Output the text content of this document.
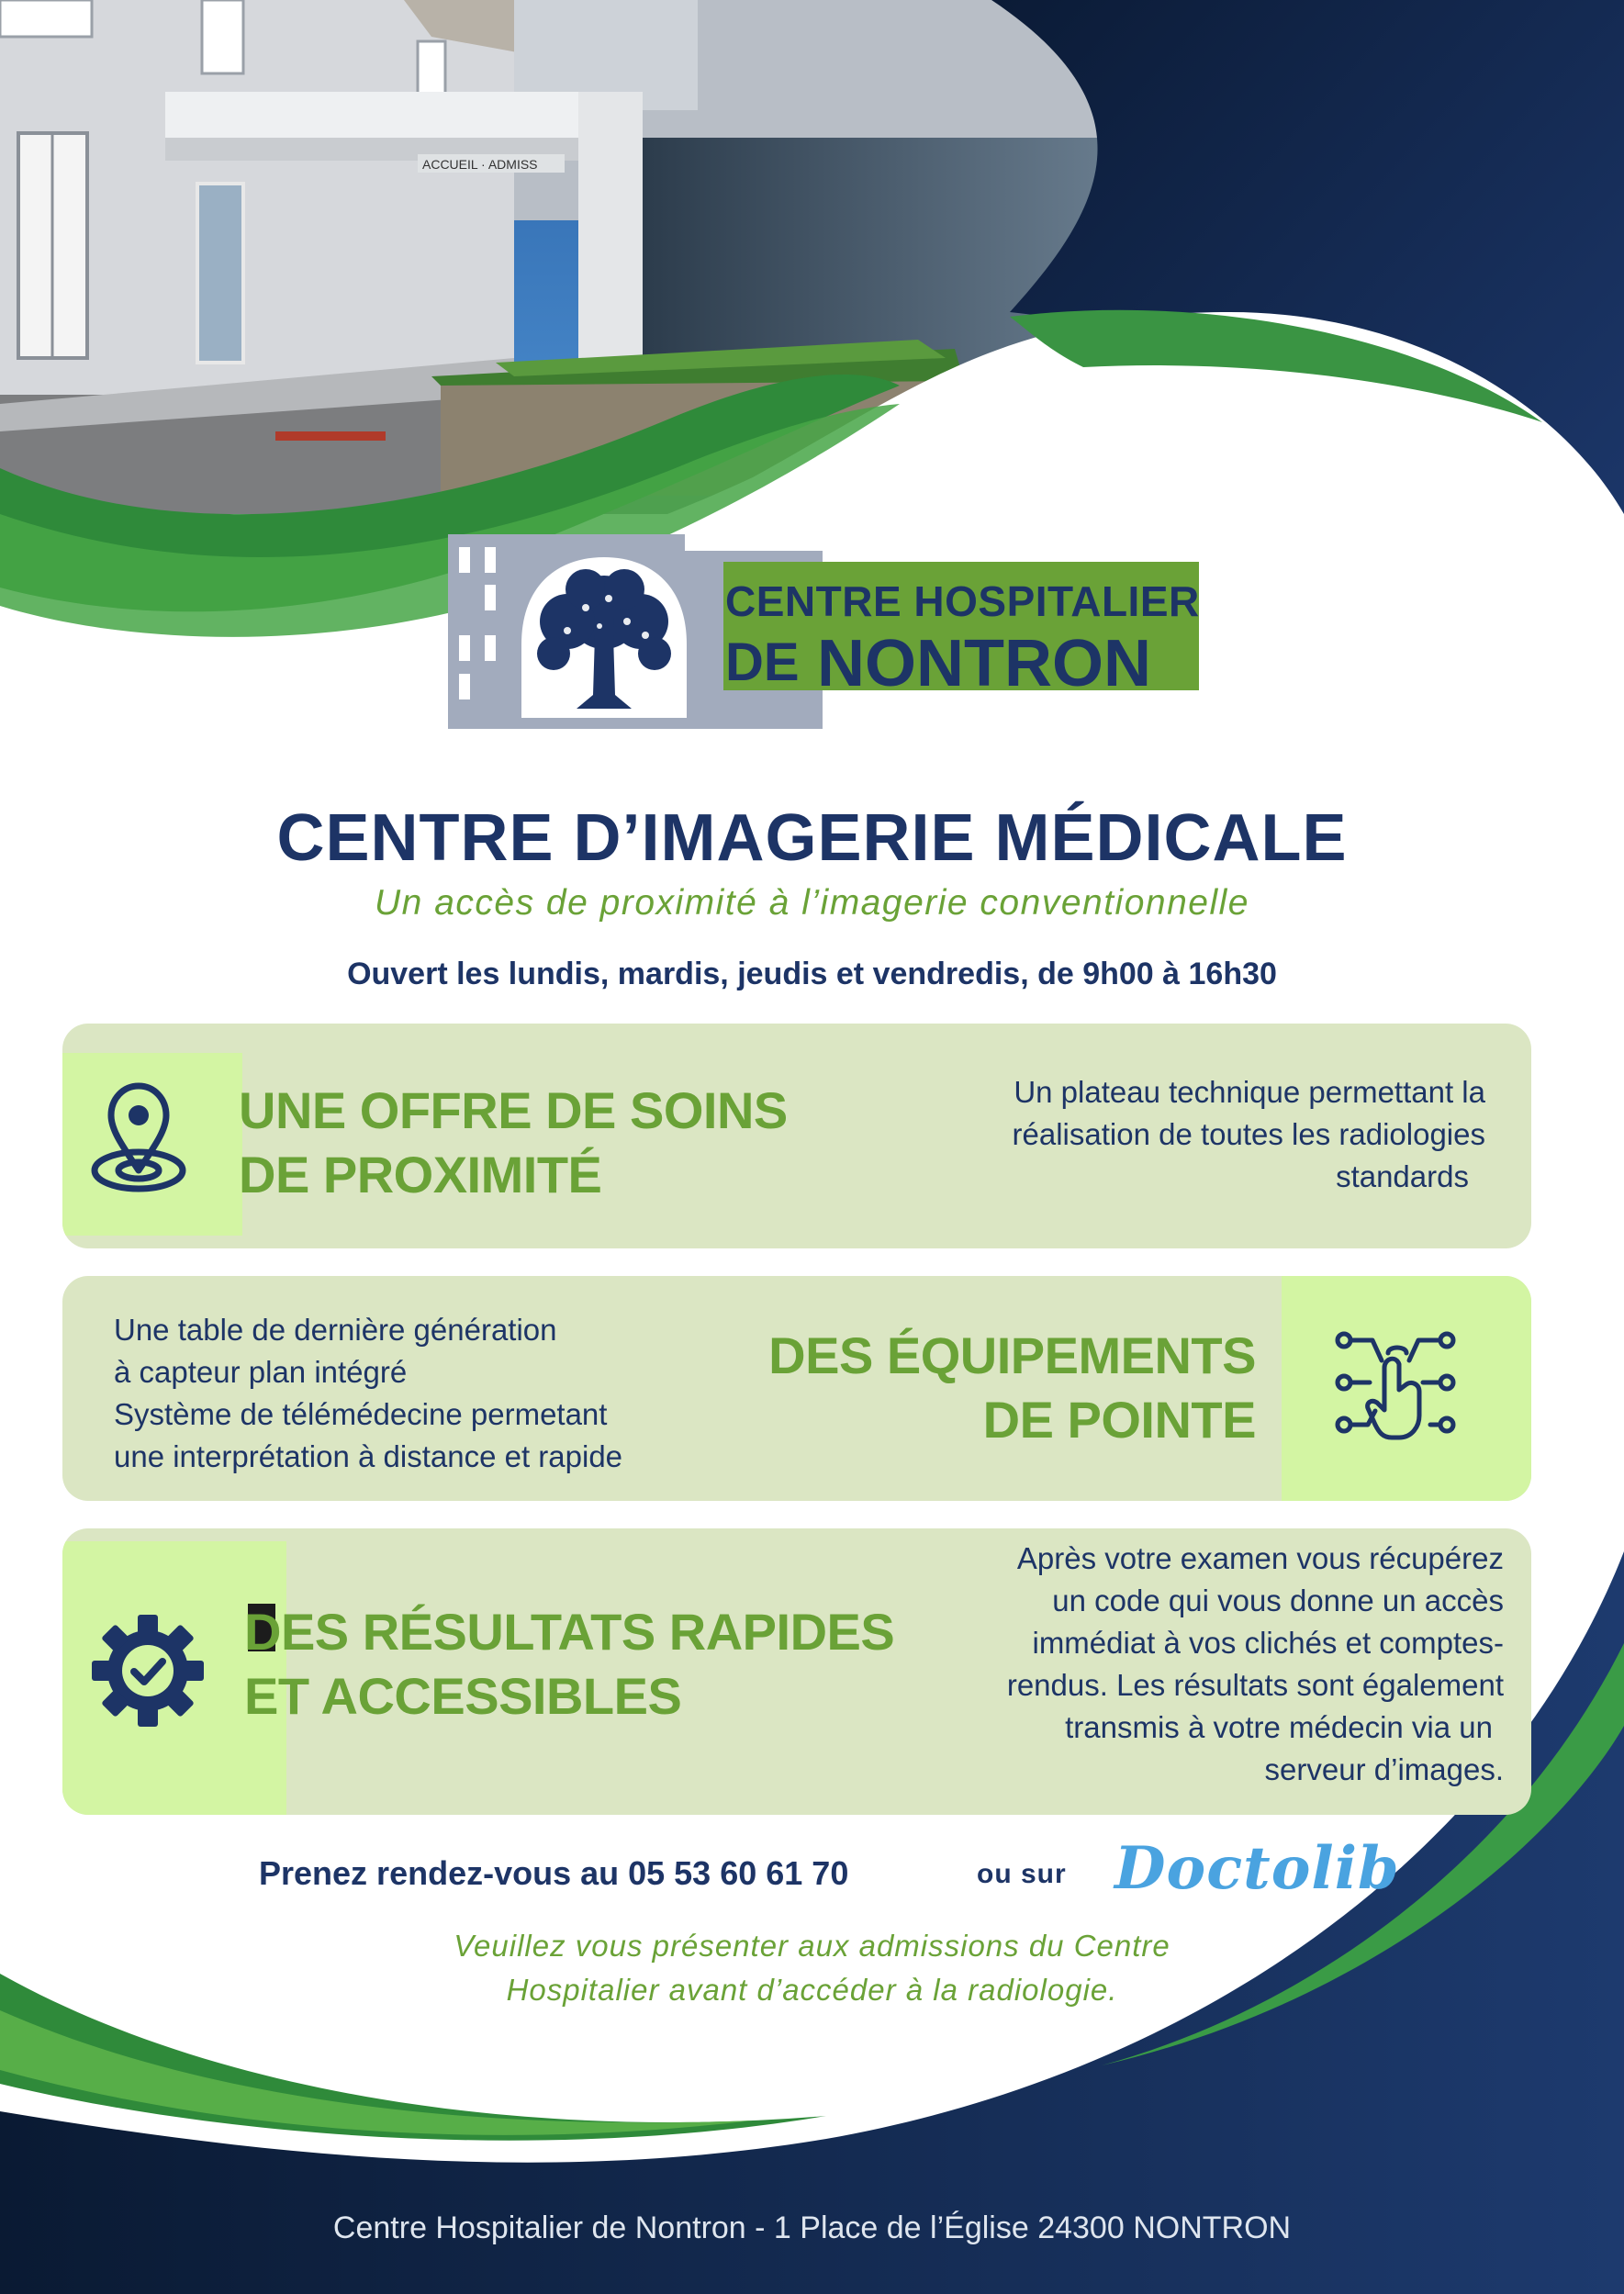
ACCUEIL · ADMISS
CENTRE HOSPITALIER
DE NONTRON
CENTRE D’IMAGERIE MÉDICALE
Un accès de proximité à l’imagerie conventionnelle
Ouvert les lundis, mardis, jeudis et vendredis, de 9h00 à 16h30
UNE OFFRE DE SOINS
DE PROXIMITÉ
Un plateau technique permettant la
réalisation de toutes les radiologies
standards
Une table de dernière génération
à capteur plan intégré
Système de télémédecine permetant
une interprétation à distance et rapide
DES ÉQUIPEMENTS
DE POINTE
DES RÉSULTATS RAPIDES
ET ACCESSIBLES
Après votre examen vous récupérez
un code qui vous donne un accès
immédiat à vos clichés et comptes-
rendus. Les résultats sont également
transmis à votre médecin via un
serveur d’images.
Prenez rendez-vous au 05 53 60 61 70	ou sur Doctolib
Veuillez vous présenter aux admissions du Centre
Hospitalier avant d’accéder à la radiologie.
Centre Hospitalier de Nontron - 1 Place de l’Église 24300 NONTRON
